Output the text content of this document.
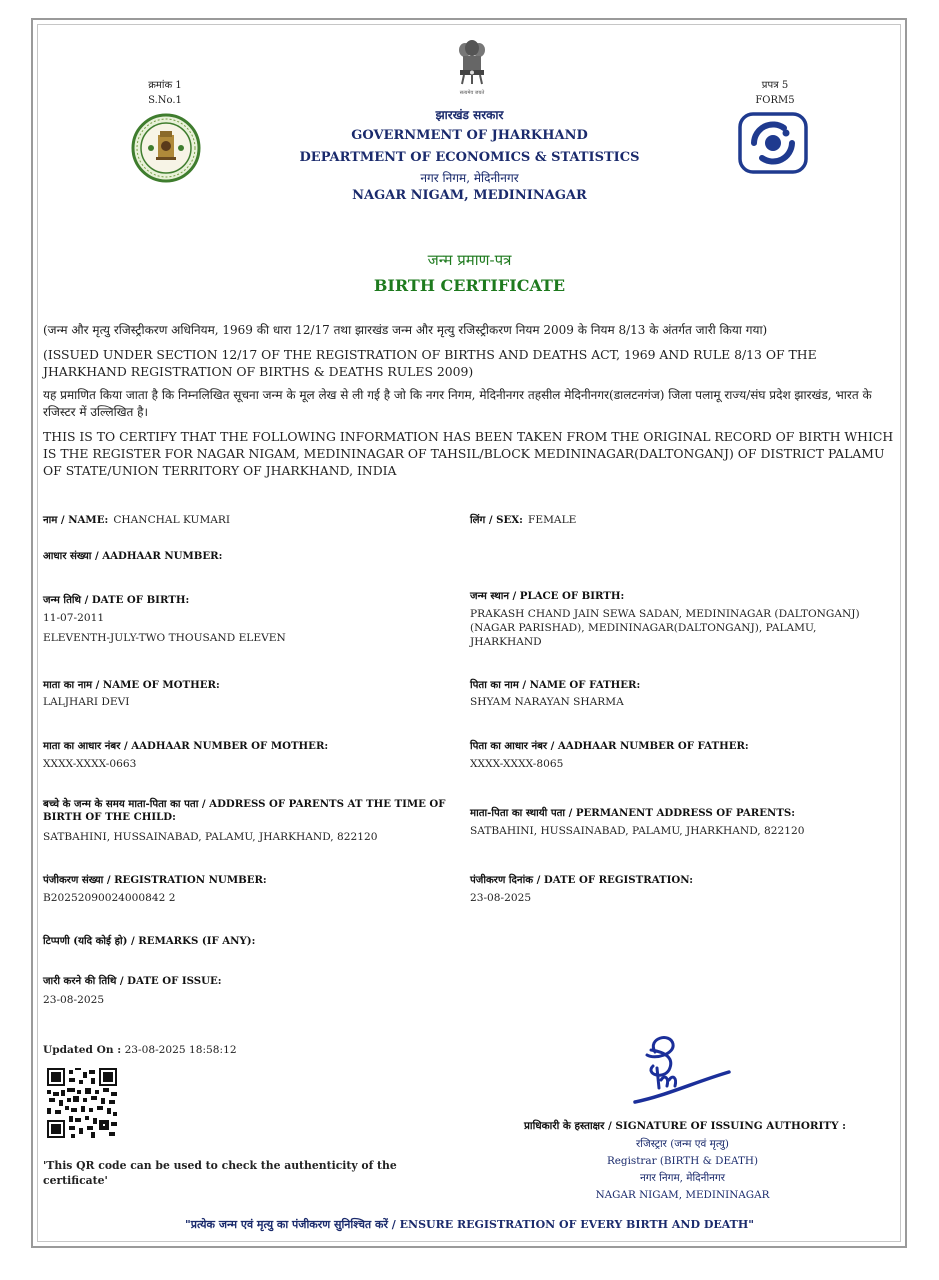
क्रमांक 1
S.No.1
प्रपत्र 5
FORM5
सत्यमेव जयते
झारखंड सरकार
GOVERNMENT OF JHARKHAND
DEPARTMENT OF ECONOMICS & STATISTICS
नगर निगम, मेदिनीनगर
NAGAR NIGAM, MEDININAGAR
जन्म प्रमाण-पत्र
BIRTH CERTIFICATE
(जन्म और मृत्यु रजिस्ट्रीकरण अधिनियम, 1969 की धारा 12/17 तथा झारखंड जन्म और मृत्यु रजिस्ट्रीकरण नियम 2009 के नियम 8/13 के अंतर्गत जारी किया गया)
(ISSUED UNDER SECTION 12/17 OF THE REGISTRATION OF BIRTHS AND DEATHS ACT, 1969 AND RULE 8/13 OF THE JHARKHAND REGISTRATION OF BIRTHS & DEATHS RULES 2009)
यह प्रमाणित किया जाता है कि निम्नलिखित सूचना जन्म के मूल लेख से ली गई है जो कि नगर निगम, मेदिनीनगर तहसील मेदिनीनगर(डालटनगंज) जिला पलामू राज्य/संघ प्रदेश झारखंड, भारत के रजिस्टर में उल्लिखित है।
THIS IS TO CERTIFY THAT THE FOLLOWING INFORMATION HAS BEEN TAKEN FROM THE ORIGINAL RECORD OF BIRTH WHICH IS THE REGISTER FOR NAGAR NIGAM, MEDININAGAR OF TAHSIL/BLOCK MEDININAGAR(DALTONGANJ) OF DISTRICT PALAMU OF STATE/UNION TERRITORY OF JHARKHAND, INDIA
नाम / NAME: CHANCHAL KUMARI	लिंग / SEX: FEMALE
आधार संख्या / AADHAAR NUMBER:
जन्म तिथि / DATE OF BIRTH:
11-07-2011
ELEVENTH-JULY-TWO THOUSAND ELEVEN
जन्म स्थान / PLACE OF BIRTH:
PRAKASH CHAND JAIN SEWA SADAN, MEDININAGAR (DALTONGANJ)
(NAGAR PARISHAD), MEDININAGAR(DALTONGANJ), PALAMU,
JHARKHAND
माता का नाम / NAME OF MOTHER:
LALJHARI DEVI
पिता का नाम / NAME OF FATHER:
SHYAM NARAYAN SHARMA
माता का आधार नंबर / AADHAAR NUMBER OF MOTHER:
XXXX-XXXX-0663
पिता का आधार नंबर / AADHAAR NUMBER OF FATHER:
XXXX-XXXX-8065
बच्चे के जन्म के समय माता-पिता का पता / ADDRESS OF PARENTS AT THE TIME OF
BIRTH OF THE CHILD:
SATBAHINI, HUSSAINABAD, PALAMU, JHARKHAND, 822120
माता-पिता का स्थायी पता / PERMANENT ADDRESS OF PARENTS:
SATBAHINI, HUSSAINABAD, PALAMU, JHARKHAND, 822120
पंजीकरण संख्या / REGISTRATION NUMBER:
B20252090024000842 2
पंजीकरण दिनांक / DATE OF REGISTRATION:
23-08-2025
टिप्पणी (यदि कोई हो) / REMARKS (IF ANY):
जारी करने की तिथि / DATE OF ISSUE:
23-08-2025
Updated On : 23-08-2025 18:58:12
'This QR code can be used to check the authenticity of the certificate'
प्राधिकारी के हस्ताक्षर / SIGNATURE OF ISSUING AUTHORITY :
रजिस्ट्रार (जन्म एवं मृत्यु)
Registrar (BIRTH & DEATH)
नगर निगम, मेदिनीनगर
NAGAR NIGAM, MEDININAGAR
"प्रत्येक जन्म एवं मृत्यु का पंजीकरण सुनिश्चित करें / ENSURE REGISTRATION OF EVERY BIRTH AND DEATH"
